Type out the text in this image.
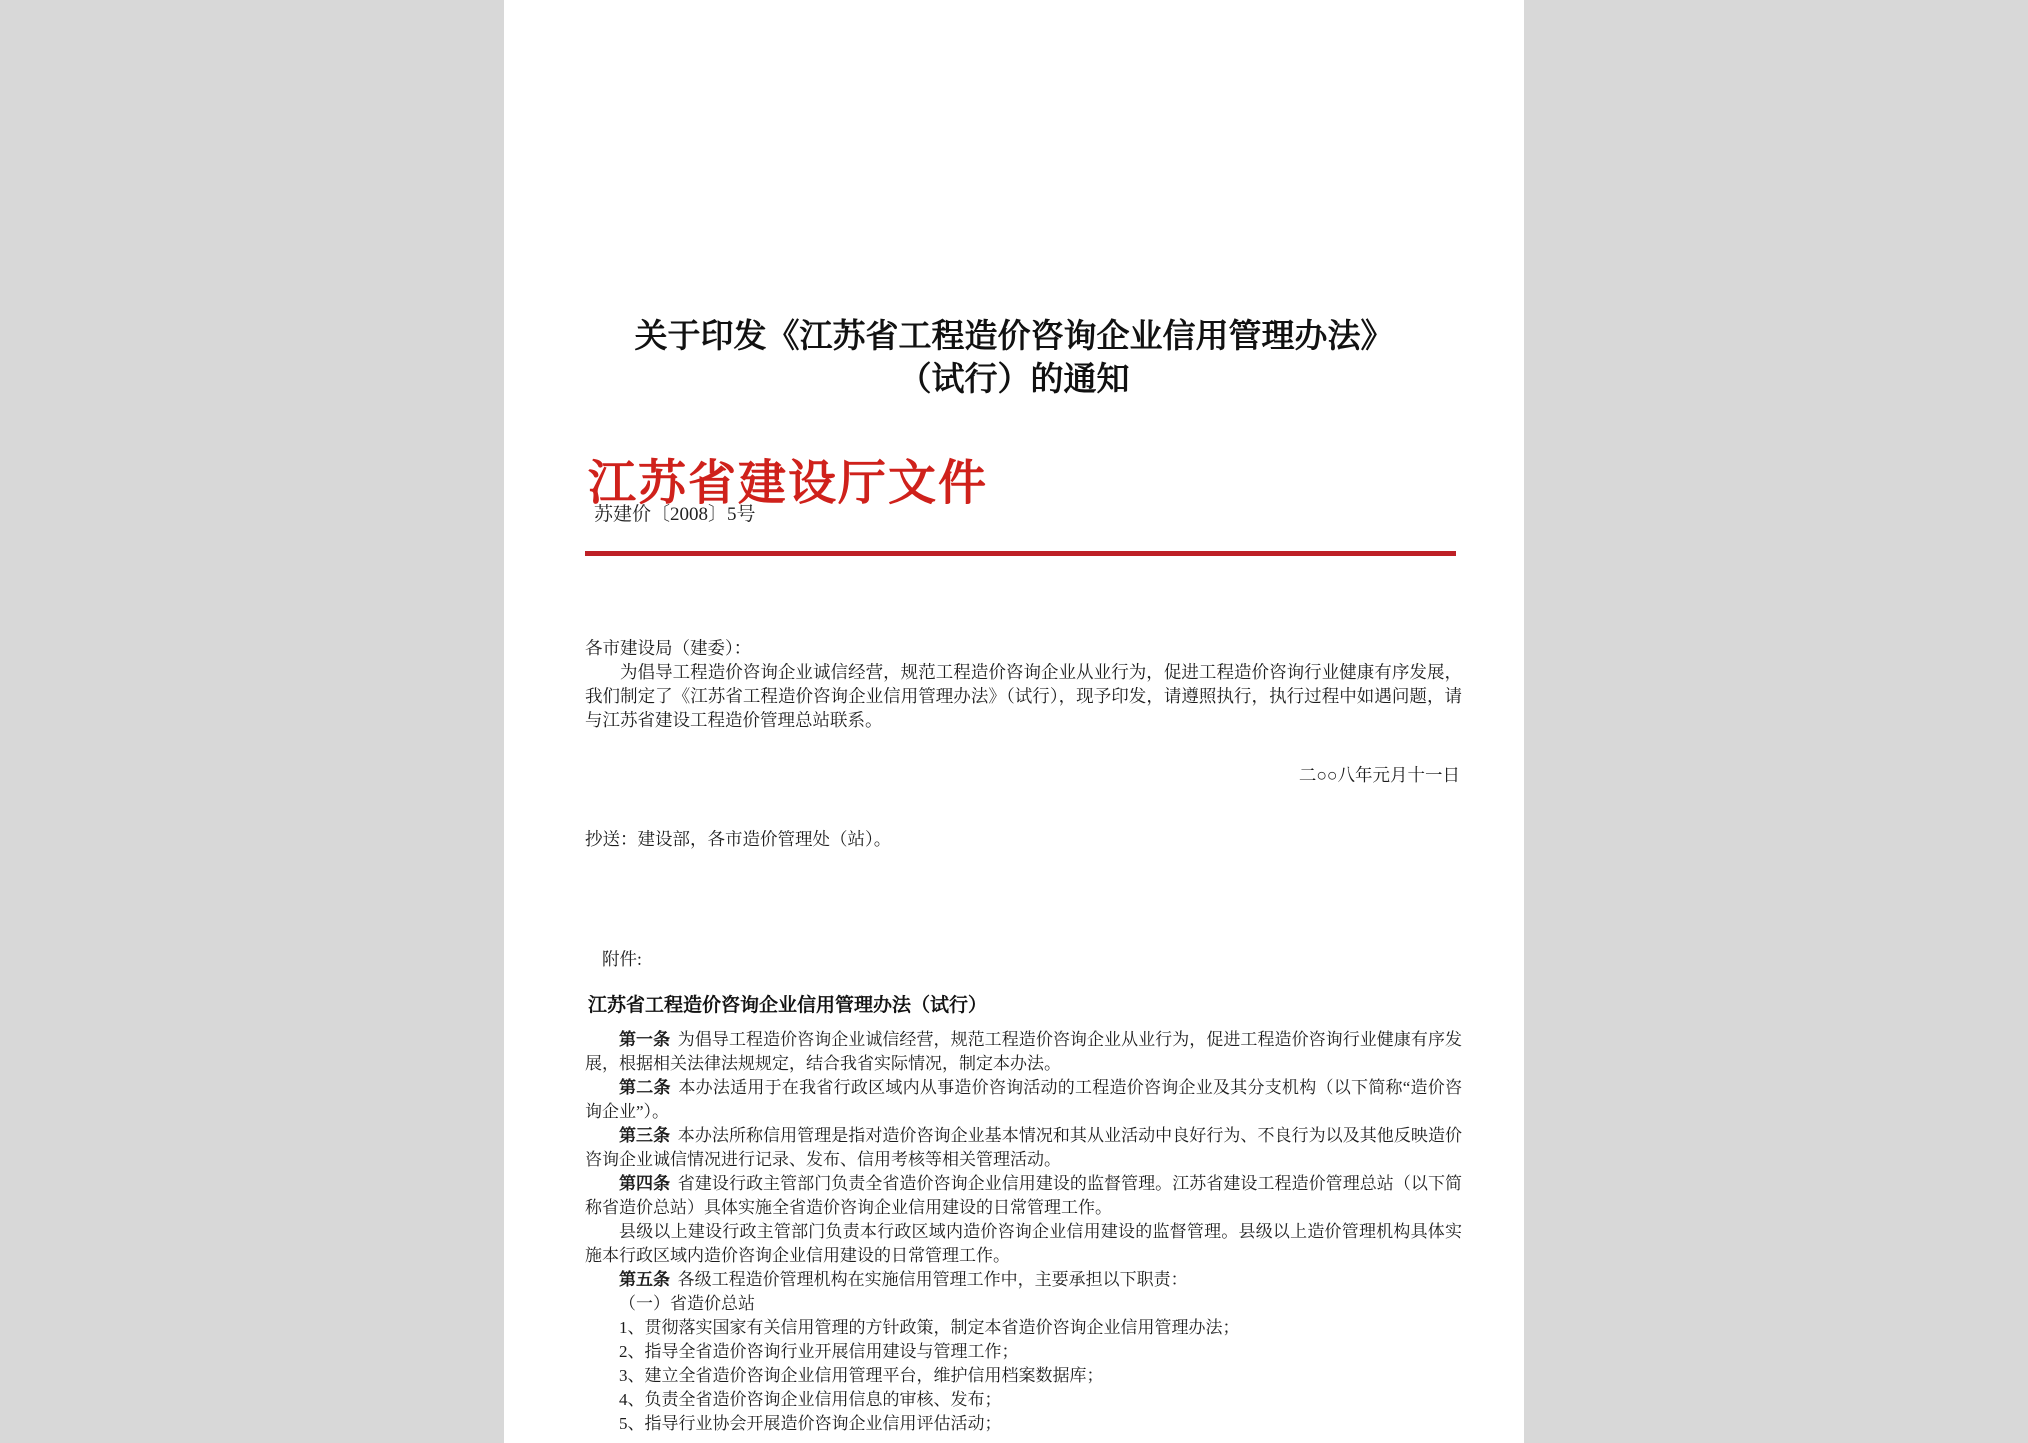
关于印发《江苏省工程造价咨询企业信用管理办法》
（试行）的通知
江苏省建设厅文件
苏建价〔2008〕5号

各市建设局（建委）：

为倡导工程造价咨询企业诚信经营，规范工程造价咨询企业从业行为，促进工程造价咨询行业健康有序发展，我们制定了《江苏省工程造价咨询企业信用管理办法》（试行），现予印发，请遵照执行，执行过程中如遇问题，请与江苏省建设工程造价管理总站联系。

二○○八年元月十一日
抄送：建设部，各市造价管理处（站）。
附件:
江苏省工程造价咨询企业信用管理办法（试行）

第一条 为倡导工程造价咨询企业诚信经营，规范工程造价咨询企业从业行为，促进工程造价咨询行业健康有序发展，根据相关法律法规规定，结合我省实际情况，制定本办法。

第二条 本办法适用于在我省行政区域内从事造价咨询活动的工程造价咨询企业及其分支机构（以下简称“造价咨询企业”）。

第三条 本办法所称信用管理是指对造价咨询企业基本情况和其从业活动中良好行为、不良行为以及其他反映造价咨询企业诚信情况进行记录、发布、信用考核等相关管理活动。

第四条 省建设行政主管部门负责全省造价咨询企业信用建设的监督管理。江苏省建设工程造价管理总站（以下简称省造价总站）具体实施全省造价咨询企业信用建设的日常管理工作。

县级以上建设行政主管部门负责本行政区域内造价咨询企业信用建设的监督管理。县级以上造价管理机构具体实施本行政区域内造价咨询企业信用建设的日常管理工作。

第五条 各级工程造价管理机构在实施信用管理工作中，主要承担以下职责：

（一）省造价总站

1、贯彻落实国家有关信用管理的方针政策，制定本省造价咨询企业信用管理办法；

2、指导全省造价咨询行业开展信用建设与管理工作；

3、建立全省造价咨询企业信用管理平台，维护信用档案数据库；

4、负责全省造价咨询企业信用信息的审核、发布；

5、指导行业协会开展造价咨询企业信用评估活动；
